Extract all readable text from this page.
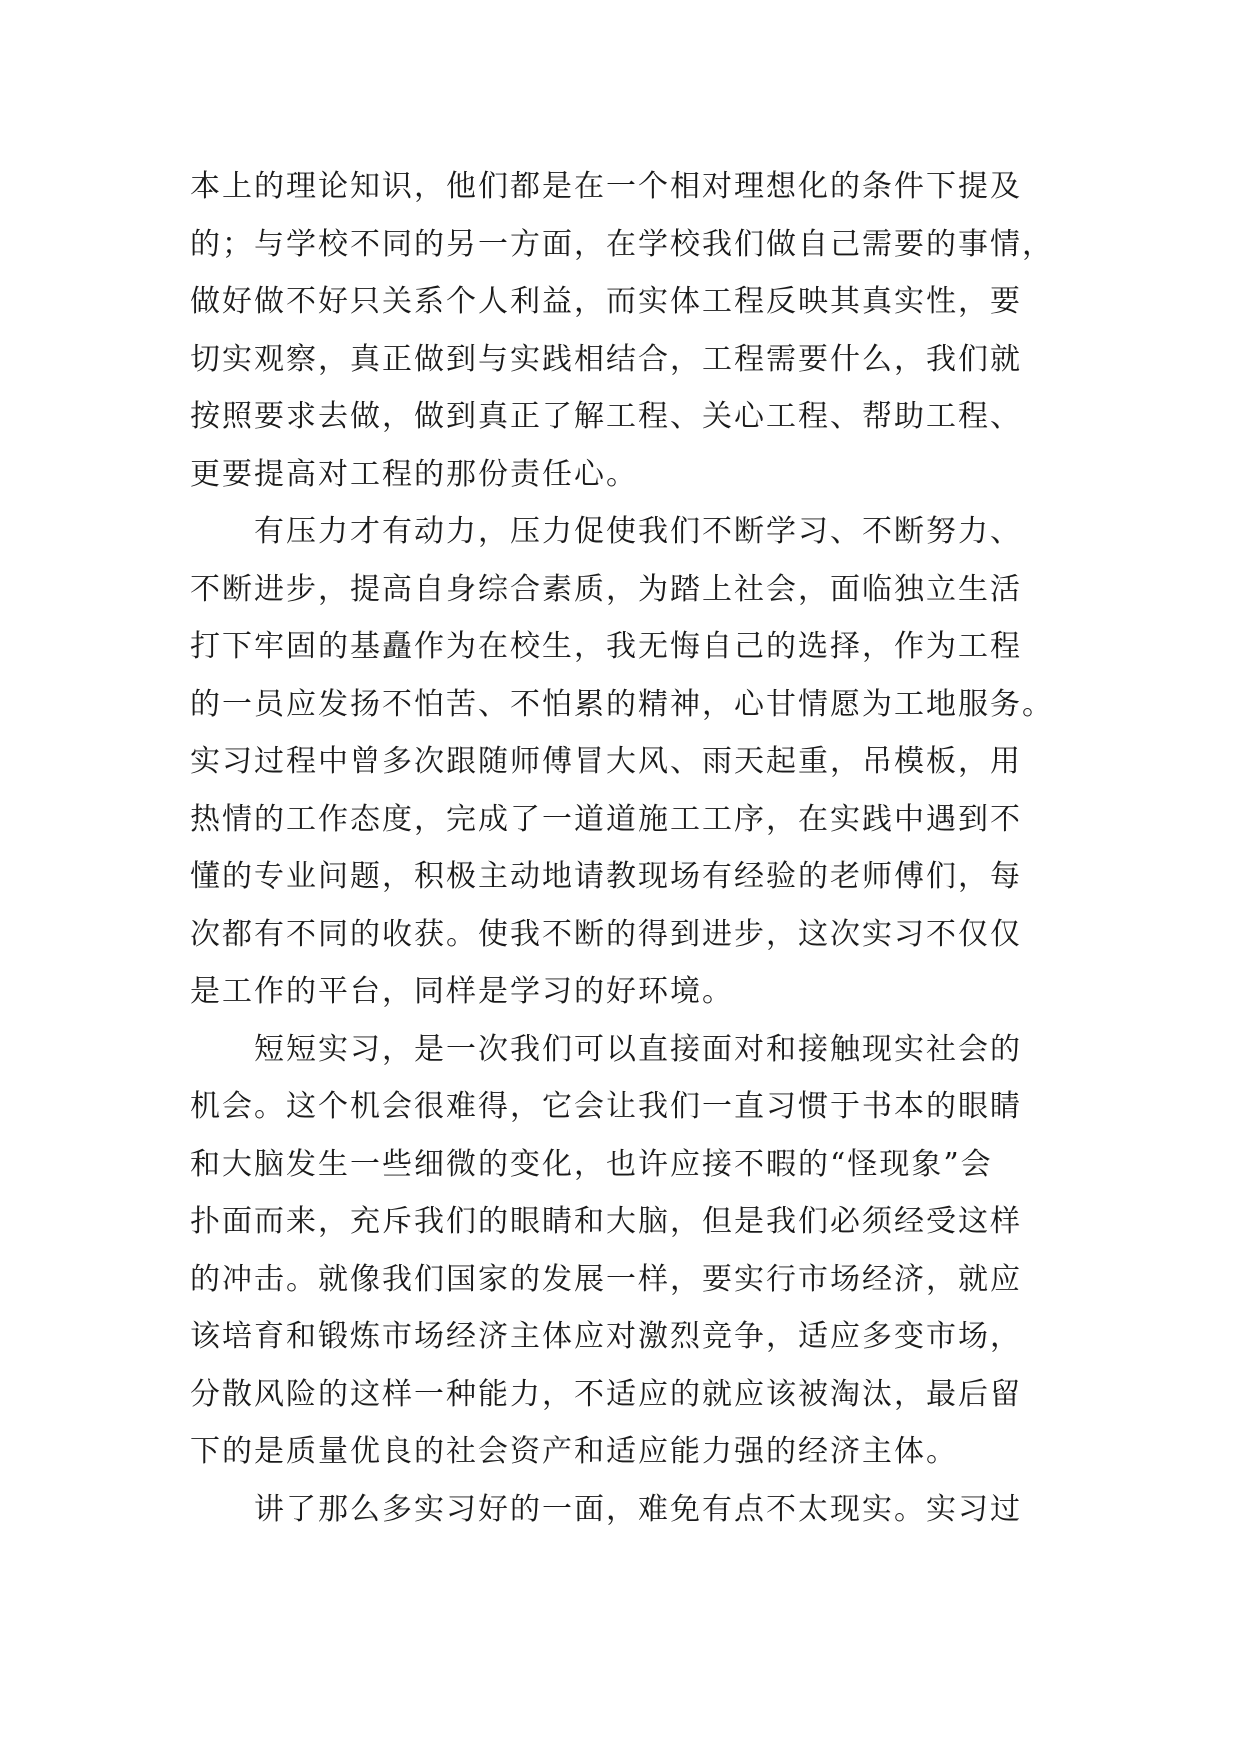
本上的理论知识，他们都是在一个相对理想化的条件下提及
的；与学校不同的另一方面，在学校我们做自己需要的事情，
做好做不好只关系个人利益，而实体工程反映其真实性，要
切实观察，真正做到与实践相结合，工程需要什么，我们就
按照要求去做，做到真正了解工程、关心工程、帮助工程、
更要提高对工程的那份责任心。
有压力才有动力，压力促使我们不断学习、不断努力、
不断进步，提高自身综合素质，为踏上社会，面临独立生活
打下牢固的基矗作为在校生，我无悔自己的选择，作为工程
的一员应发扬不怕苦、不怕累的精神，心甘情愿为工地服务。
实习过程中曾多次跟随师傅冒大风、雨天起重，吊模板，用
热情的工作态度，完成了一道道施工工序，在实践中遇到不
懂的专业问题，积极主动地请教现场有经验的老师傅们，每
次都有不同的收获。使我不断的得到进步，这次实习不仅仅
是工作的平台，同样是学习的好环境。
短短实习，是一次我们可以直接面对和接触现实社会的
机会。这个机会很难得，它会让我们一直习惯于书本的眼睛
和大脑发生一些细微的变化，也许应接不暇的“怪现象”会
扑面而来，充斥我们的眼睛和大脑，但是我们必须经受这样
的冲击。就像我们国家的发展一样，要实行市场经济，就应
该培育和锻炼市场经济主体应对激烈竞争，适应多变市场，
分散风险的这样一种能力，不适应的就应该被淘汰，最后留
下的是质量优良的社会资产和适应能力强的经济主体。
讲了那么多实习好的一面，难免有点不太现实。实习过
